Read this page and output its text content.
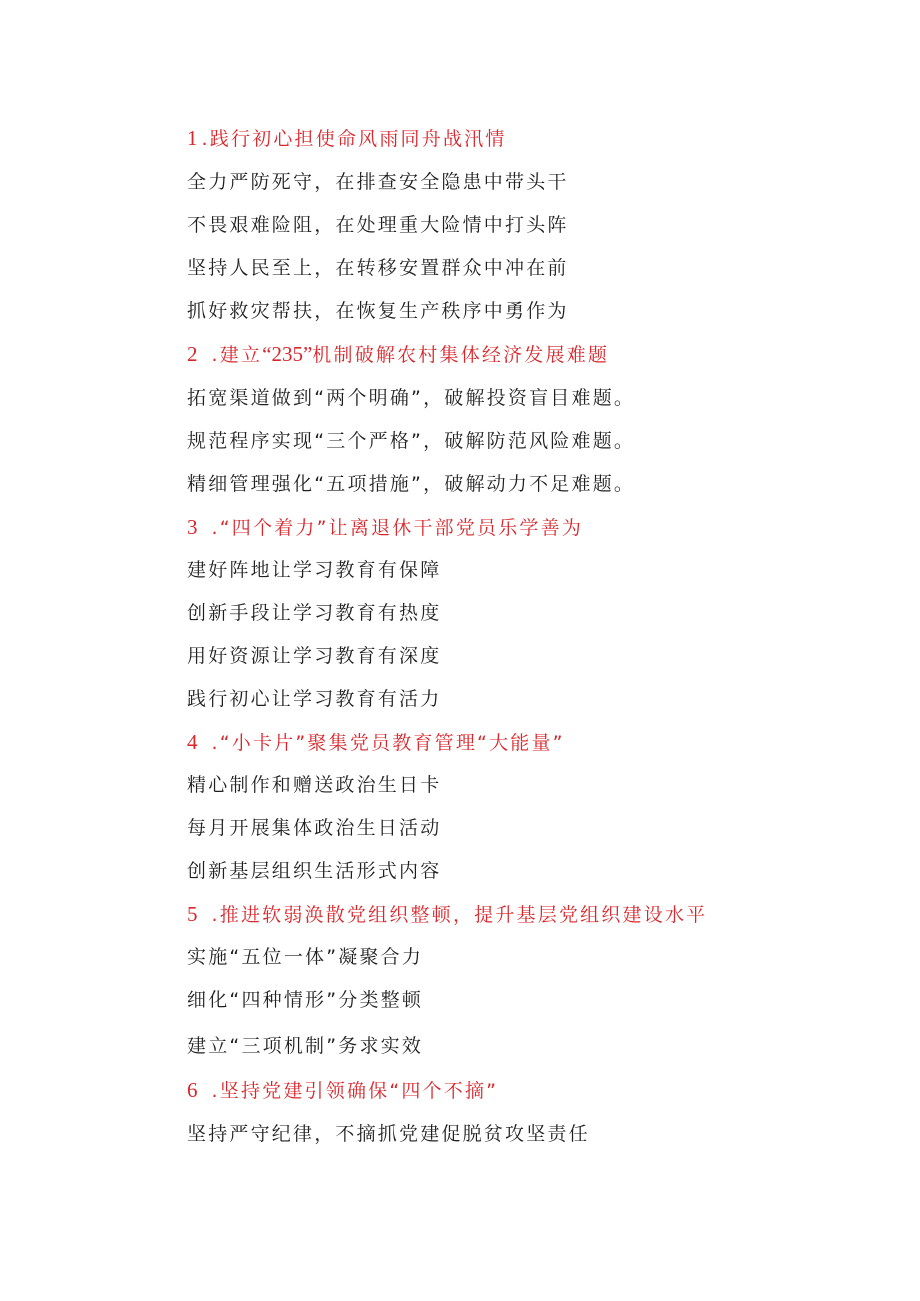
1 .践行初心担使命风雨同舟战汛情
全力严防死守，在排查安全隐患中带头干
不畏艰难险阻，在处理重大险情中打头阵
坚持人民至上，在转移安置群众中冲在前
抓好救灾帮扶，在恢复生产秩序中勇作为
2 .建立“235”机制破解农村集体经济发展难题
拓宽渠道做到“两个明确”，破解投资盲目难题。
规范程序实现“三个严格”，破解防范风险难题。
精细管理强化“五项措施”，破解动力不足难题。
3 .“四个着力”让离退休干部党员乐学善为
建好阵地让学习教育有保障
创新手段让学习教育有热度
用好资源让学习教育有深度
践行初心让学习教育有活力
4 .“小卡片”聚集党员教育管理“大能量”
精心制作和赠送政治生日卡
每月开展集体政治生日活动
创新基层组织生活形式内容
5 .推进软弱涣散党组织整顿，提升基层党组织建设水平
实施“五位一体”凝聚合力
细化“四种情形”分类整顿
建立“三项机制”务求实效
6 .坚持党建引领确保“四个不摘”
坚持严守纪律，不摘抓党建促脱贫攻坚责任
